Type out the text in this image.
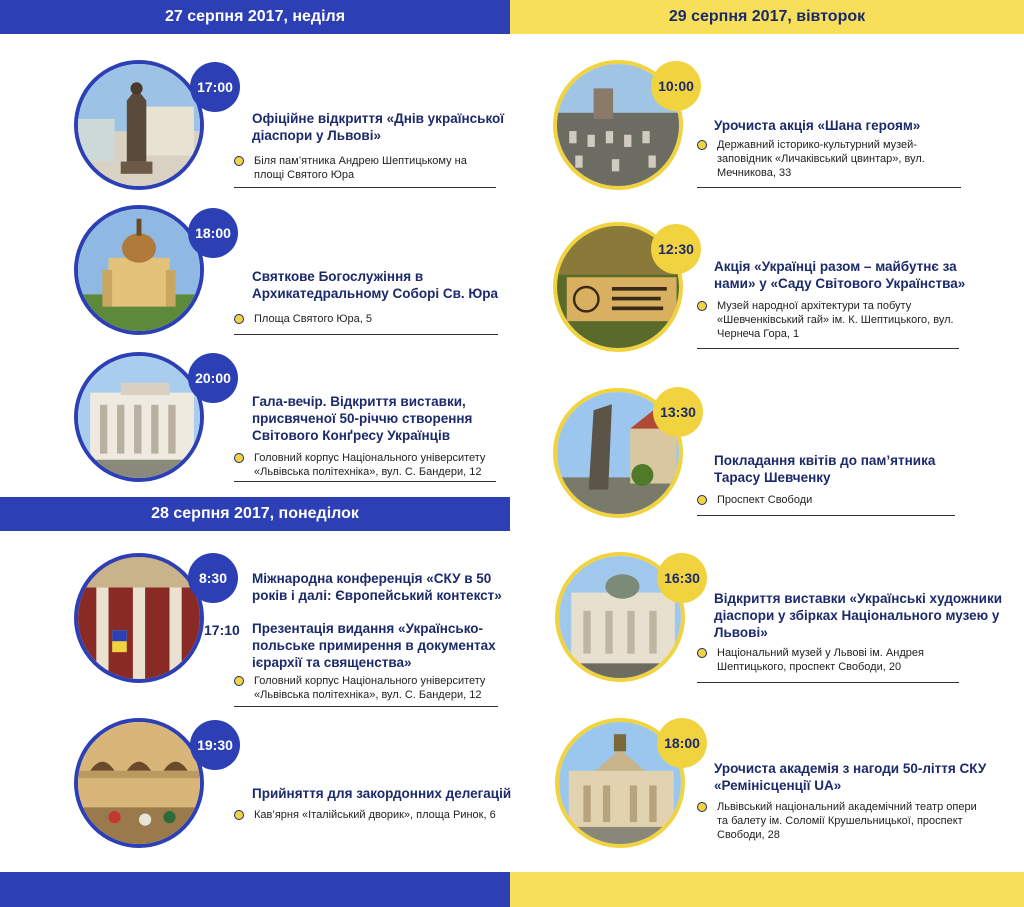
27 серпня 2017, неділя	29 серпня 2017, вівторок
17:00
Офіційне відкриття «Днів української діаспори у Львові»
Біля пам’ятника Андрею Шептицькому на площі Святого Юра
18:00
Святкове Богослужіння в Архикатедральному Соборі Св. Юра
Площа Святого Юра, 5
20:00
Гала-вечір. Відкриття виставки, присвяченої 50-річчю створення Світового Конґресу Українців
Головний корпус Національного університету «Львівська політехніка», вул. С. Бандери, 12
28 серпня 2017, понеділок
8:30	Міжнародна конференція «СКУ в 50 років і далі: Європейський контекст»
17:10 Презентація видання «Українсько-польське примирення в документах ієрархії та священства»
Головний корпус Національного університету «Львівська політехніка», вул. С. Бандери, 12
19:30
Прийняття для закордонних делегацій
Кав’ярня «Італійський дворик», площа Ринок, 6
10:00
Урочиста акція «Шана героям»
Державний історико-культурний музей-заповідник «Личаківський цвинтар», вул. Мечникова, 33
12:30
Акція «Українці разом – майбутнє за нами» у «Саду Світового Українства»
Музей народної архітектури та побуту «Шевченківський гай» ім. К. Шептицького, вул. Чернеча Гора, 1
13:30
Покладання квітів до пам’ятника Тарасу Шевченку
Проспект Свободи
16:30
Відкриття виставки «Українські художники діаспори у збірках Національного музею у Львові»
Національний музей у Львові ім. Андрея Шептицького, проспект Свободи, 20
18:00
Урочиста академія з нагоди 50-ліття СКУ «Ремінісценції UA»
Львівський національний академічний театр опери та балету ім. Соломії Крушельницької, проспект Свободи, 28
